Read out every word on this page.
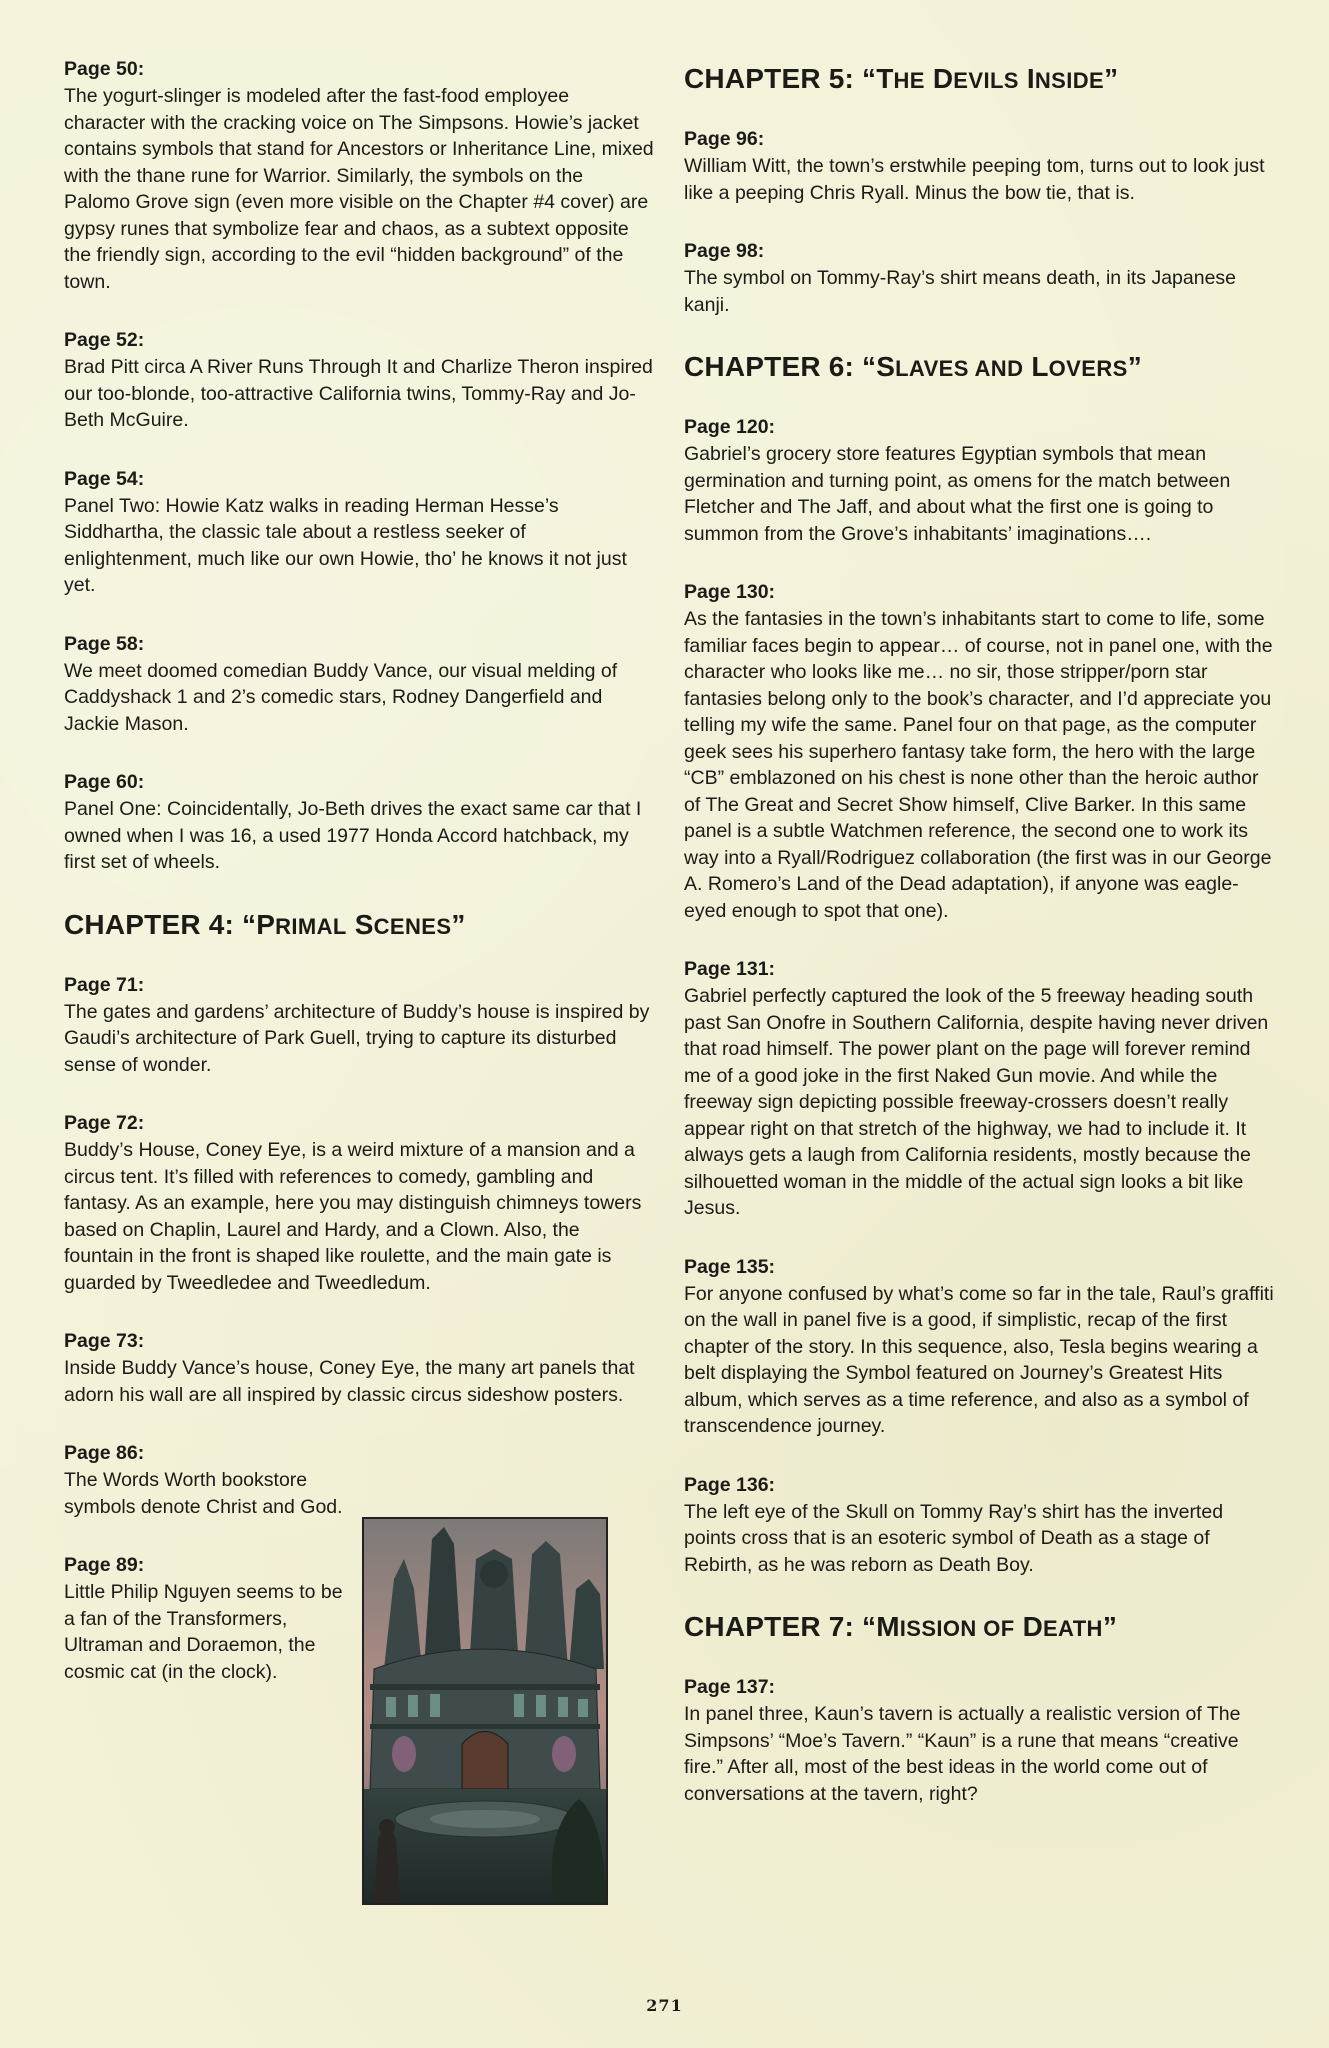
Page 50:

The yogurt-slinger is modeled after the fast-food employee character with the cracking voice on The Simpsons. Howie’s jacket contains symbols that stand for Ancestors or Inheritance Line, mixed with the thane rune for Warrior. Similarly, the symbols on the Palomo Grove sign (even more visible on the Chapter #4 cover) are gypsy runes that symbolize fear and chaos, as a subtext opposite the friendly sign, according to the evil “hidden background” of the town.

Page 52:

Brad Pitt circa A River Runs Through It and Charlize Theron inspired our too-blonde, too-attractive California twins, Tommy-Ray and Jo-Beth McGuire.

Page 54:

Panel Two: Howie Katz walks in reading Herman Hesse’s Siddhartha, the classic tale about a restless seeker of enlightenment, much like our own Howie, tho’ he knows it not just yet.

Page 58:

We meet doomed comedian Buddy Vance, our visual melding of Caddyshack 1 and 2’s comedic stars, Rodney Dangerfield and Jackie Mason.

Page 60:

Panel One: Coincidentally, Jo-Beth drives the exact same car that I owned when I was 16, a used 1977 Honda Accord hatchback, my first set of wheels.

CHAPTER 4: “PRIMAL SCENES”
Page 71:

The gates and gardens’ architecture of Buddy’s house is inspired by Gaudi’s architecture of Park Guell, trying to capture its disturbed sense of wonder.

Page 72:

Buddy’s House, Coney Eye, is a weird mixture of a mansion and a circus tent. It’s filled with references to comedy, gambling and fantasy. As an example, here you may distinguish chimneys towers based on Chaplin, Laurel and Hardy, and a Clown. Also, the fountain in the front is shaped like roulette, and the main gate is guarded by Tweedledee and Tweedledum.

Page 73:

Inside Buddy Vance’s house, Coney Eye, the many art panels that adorn his wall are all inspired by classic circus sideshow posters.

Page 86:

The Words Worth bookstore symbols denote Christ and God.

Page 89:

Little Philip Nguyen seems to be a fan of the Transformers, Ultraman and Doraemon, the cosmic cat (in the clock).

CHAPTER 5: “THE DEVILS INSIDE”
Page 96:

William Witt, the town’s erstwhile peeping tom, turns out to look just like a peeping Chris Ryall. Minus the bow tie, that is.

Page 98:

The symbol on Tommy-Ray’s shirt means death, in its Japanese kanji.

CHAPTER 6: “SLAVES AND LOVERS”
Page 120:

Gabriel’s grocery store features Egyptian symbols that mean germination and turning point, as omens for the match between Fletcher and The Jaff, and about what the first one is going to summon from the Grove’s inhabitants’ imaginations….

Page 130:

As the fantasies in the town’s inhabitants start to come to life, some familiar faces begin to appear… of course, not in panel one, with the character who looks like me… no sir, those stripper/porn star fantasies belong only to the book’s character, and I’d appreciate you telling my wife the same. Panel four on that page, as the computer geek sees his superhero fantasy take form, the hero with the large “CB” emblazoned on his chest is none other than the heroic author of The Great and Secret Show himself, Clive Barker. In this same panel is a subtle Watchmen reference, the second one to work its way into a Ryall/Rodriguez collaboration (the first was in our George A. Romero’s Land of the Dead adaptation), if anyone was eagle-eyed enough to spot that one).

Page 131:

Gabriel perfectly captured the look of the 5 freeway heading south past San Onofre in Southern California, despite having never driven that road himself. The power plant on the page will forever remind me of a good joke in the first Naked Gun movie. And while the freeway sign depicting possible freeway-crossers doesn’t really appear right on that stretch of the highway, we had to include it. It always gets a laugh from California residents, mostly because the silhouetted woman in the middle of the actual sign looks a bit like Jesus.

Page 135:

For anyone confused by what’s come so far in the tale, Raul’s graffiti on the wall in panel five is a good, if simplistic, recap of the first chapter of the story. In this sequence, also, Tesla begins wearing a belt displaying the Symbol featured on Journey’s Greatest Hits album, which serves as a time reference, and also as a symbol of transcendence journey.

Page 136:

The left eye of the Skull on Tommy Ray’s shirt has the inverted points cross that is an esoteric symbol of Death as a stage of Rebirth, as he was reborn as Death Boy.

CHAPTER 7: “MISSION OF DEATH”
Page 137:

In panel three, Kaun’s tavern is actually a realistic version of The Simpsons’ “Moe’s Tavern.” “Kaun” is a rune that means “creative fire.” After all, most of the best ideas in the world come out of conversations at the tavern, right?

271
